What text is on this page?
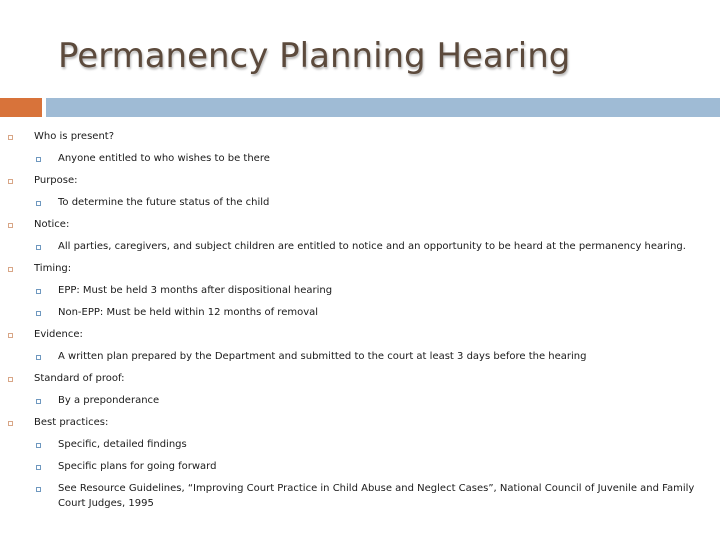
Permanency Planning Hearing
Who is present?
Anyone entitled to who wishes to be there
Purpose:
To determine the future status of the child
Notice:
All parties, caregivers, and subject children are entitled to notice and an opportunity to be heard at the permanency hearing.
Timing:
EPP: Must be held 3 months after dispositional hearing
Non-EPP: Must be held within 12 months of removal
Evidence:
A written plan prepared by the Department and submitted to the court at least 3 days before the hearing
Standard of proof:
By a preponderance
Best practices:
Specific, detailed findings
Specific plans for going forward
See Resource Guidelines, “Improving Court Practice in Child Abuse and Neglect Cases”, National Council of Juvenile and Family Court Judges, 1995
